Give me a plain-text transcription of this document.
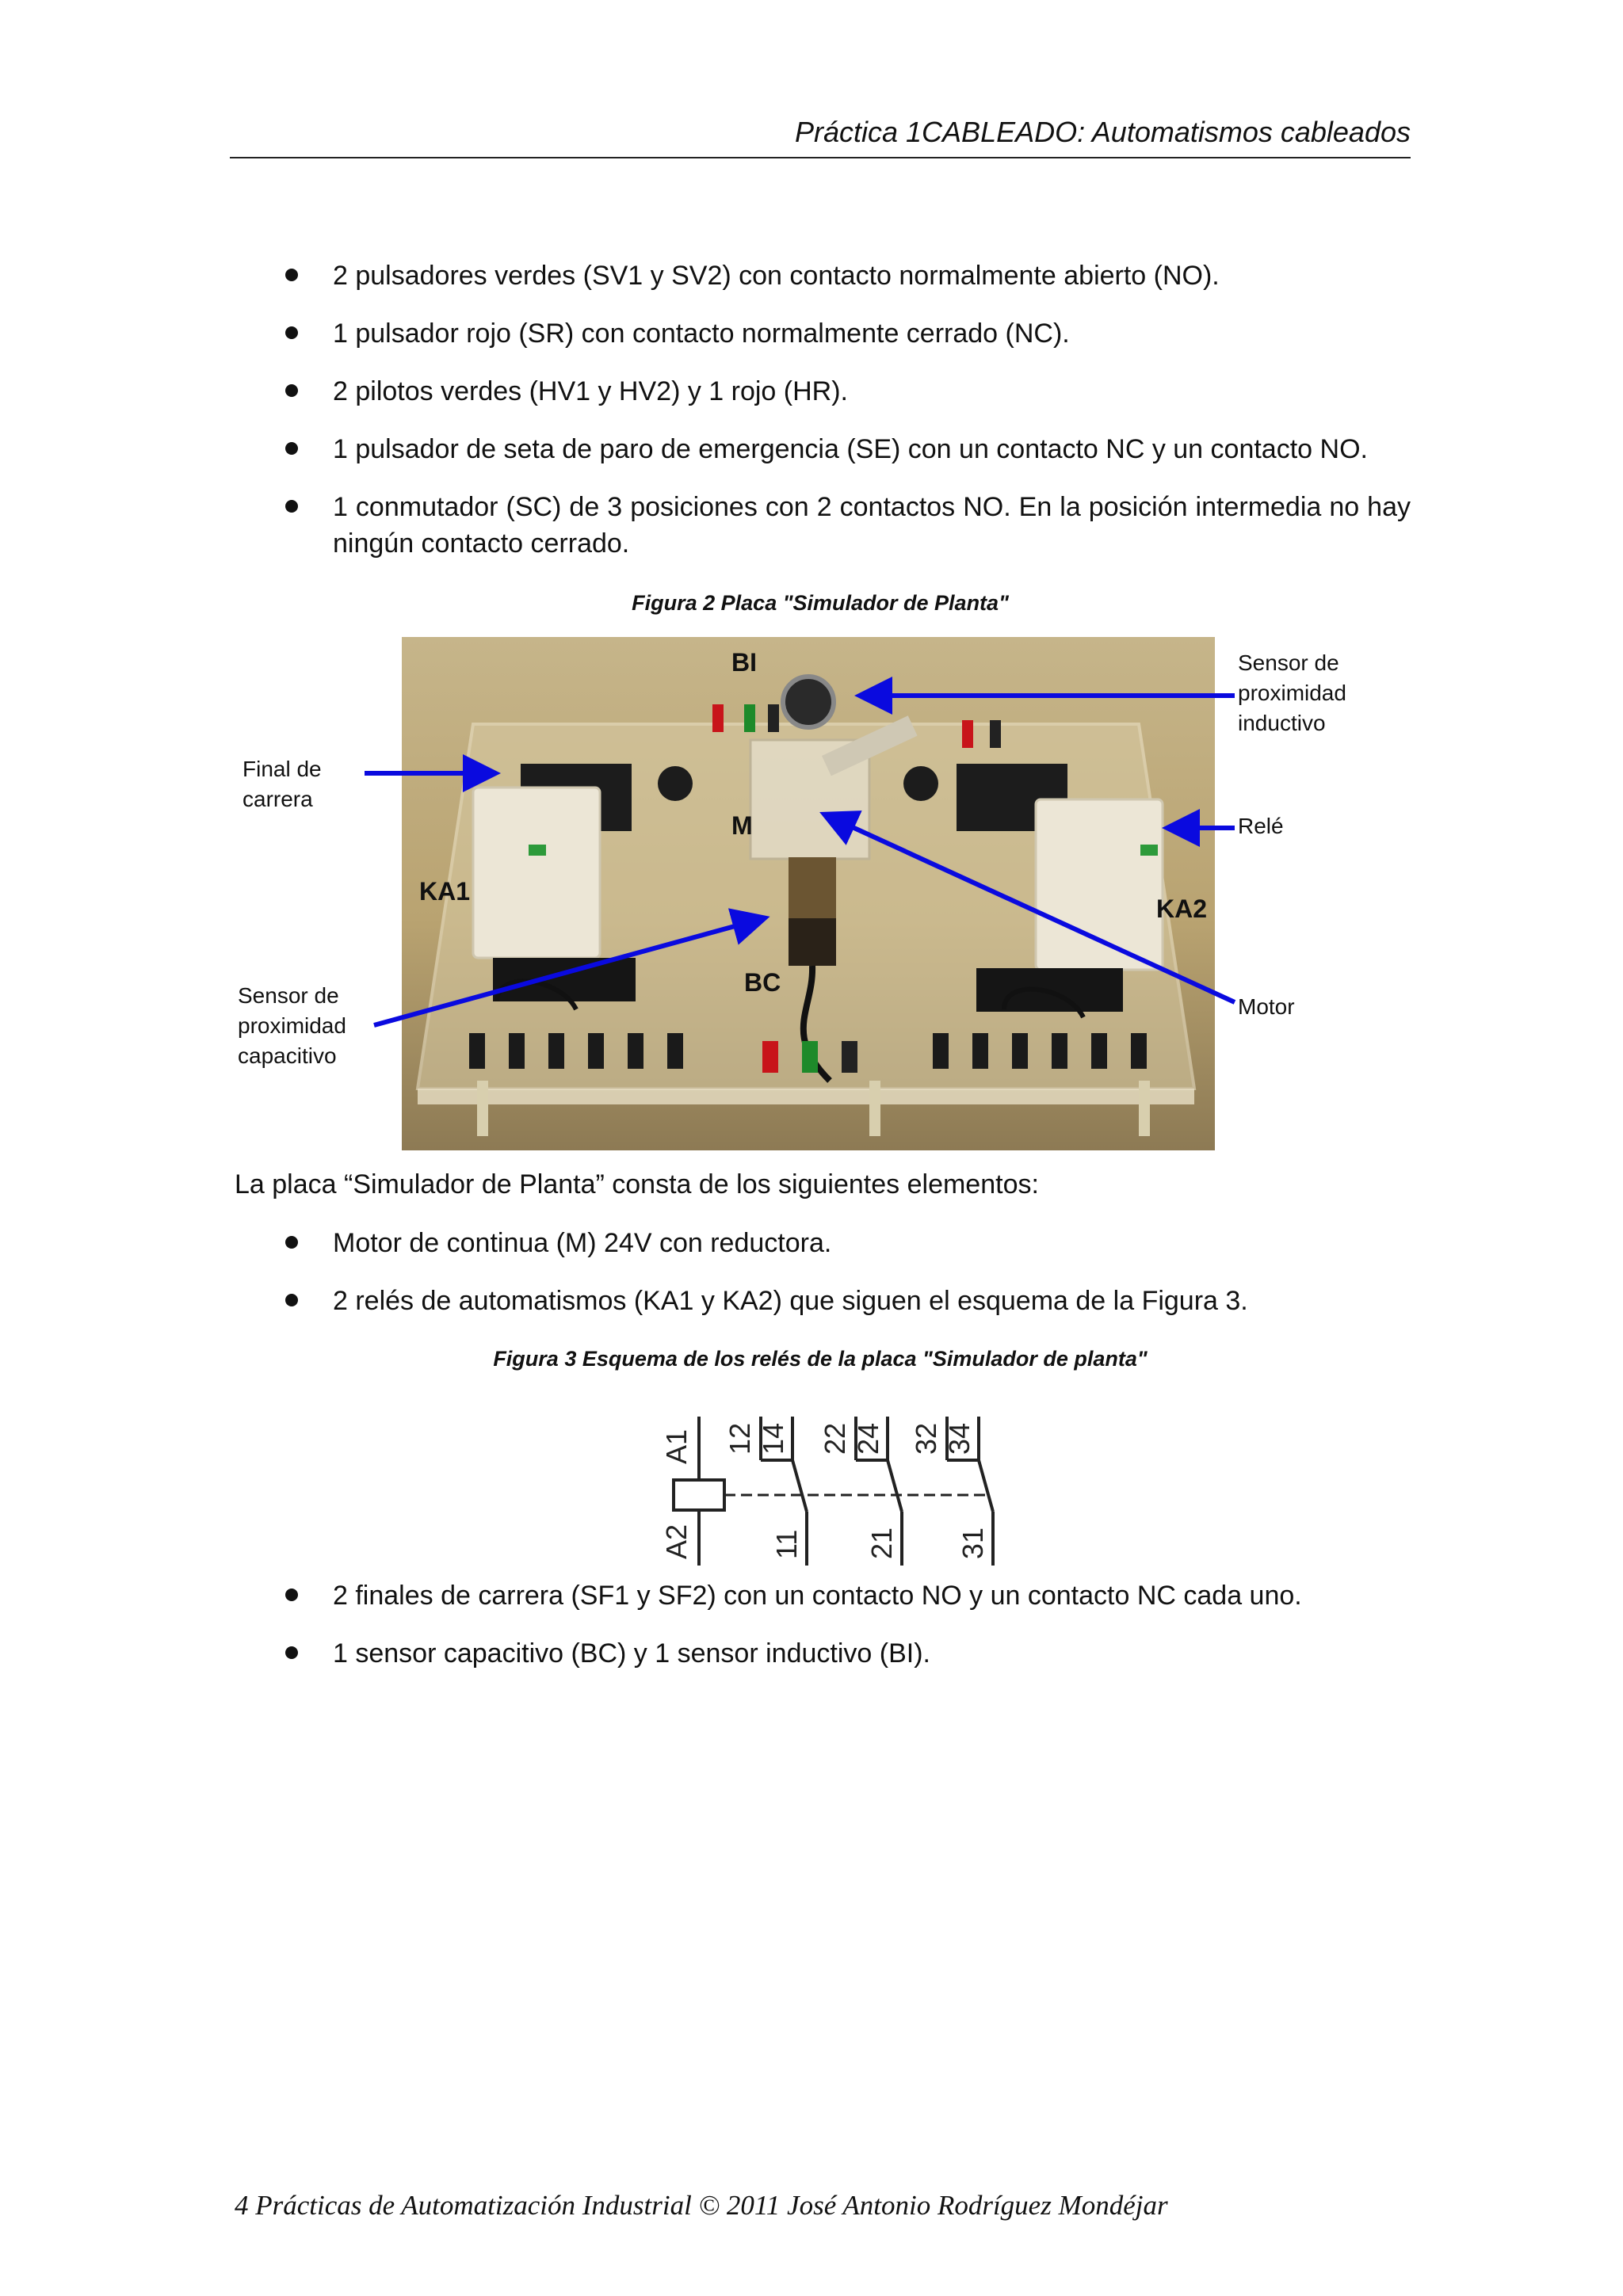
Práctica 1CABLEADO: Automatismos cableados
2 pulsadores verdes (SV1 y SV2) con contacto normalmente abierto (NO).
1 pulsador rojo (SR) con contacto normalmente cerrado (NC).
2 pilotos verdes (HV1 y HV2) y 1 rojo (HR).
1 pulsador de seta de paro de emergencia (SE) con un contacto NC y un contacto NO.
1 conmutador (SC) de 3 posiciones con 2 contactos NO. En la posición intermedia no hay ningún contacto cerrado.
Figura 2 Placa "Simulador de Planta"
BI
M
KA1
KA2
BC
Sensor de
proximidad
inductivo
Final de
carrera
Relé
Sensor de
proximidad
capacitivo
Motor
La placa “Simulador de Planta” consta de los siguientes elementos:
Motor de continua (M) 24V con reductora.
2 relés de automatismos (KA1 y KA2) que siguen el esquema de la Figura 3.
Figura 3 Esquema de los relés de la placa "Simulador de planta"
A1
A2
12 14
11
22 24
21
32 34
31
2 finales de carrera (SF1 y SF2) con un contacto NO y un contacto NC cada uno.
1 sensor capacitivo (BC) y 1 sensor inductivo (BI).
4 Prácticas de Automatización Industrial © 2011 José Antonio Rodríguez Mondéjar
